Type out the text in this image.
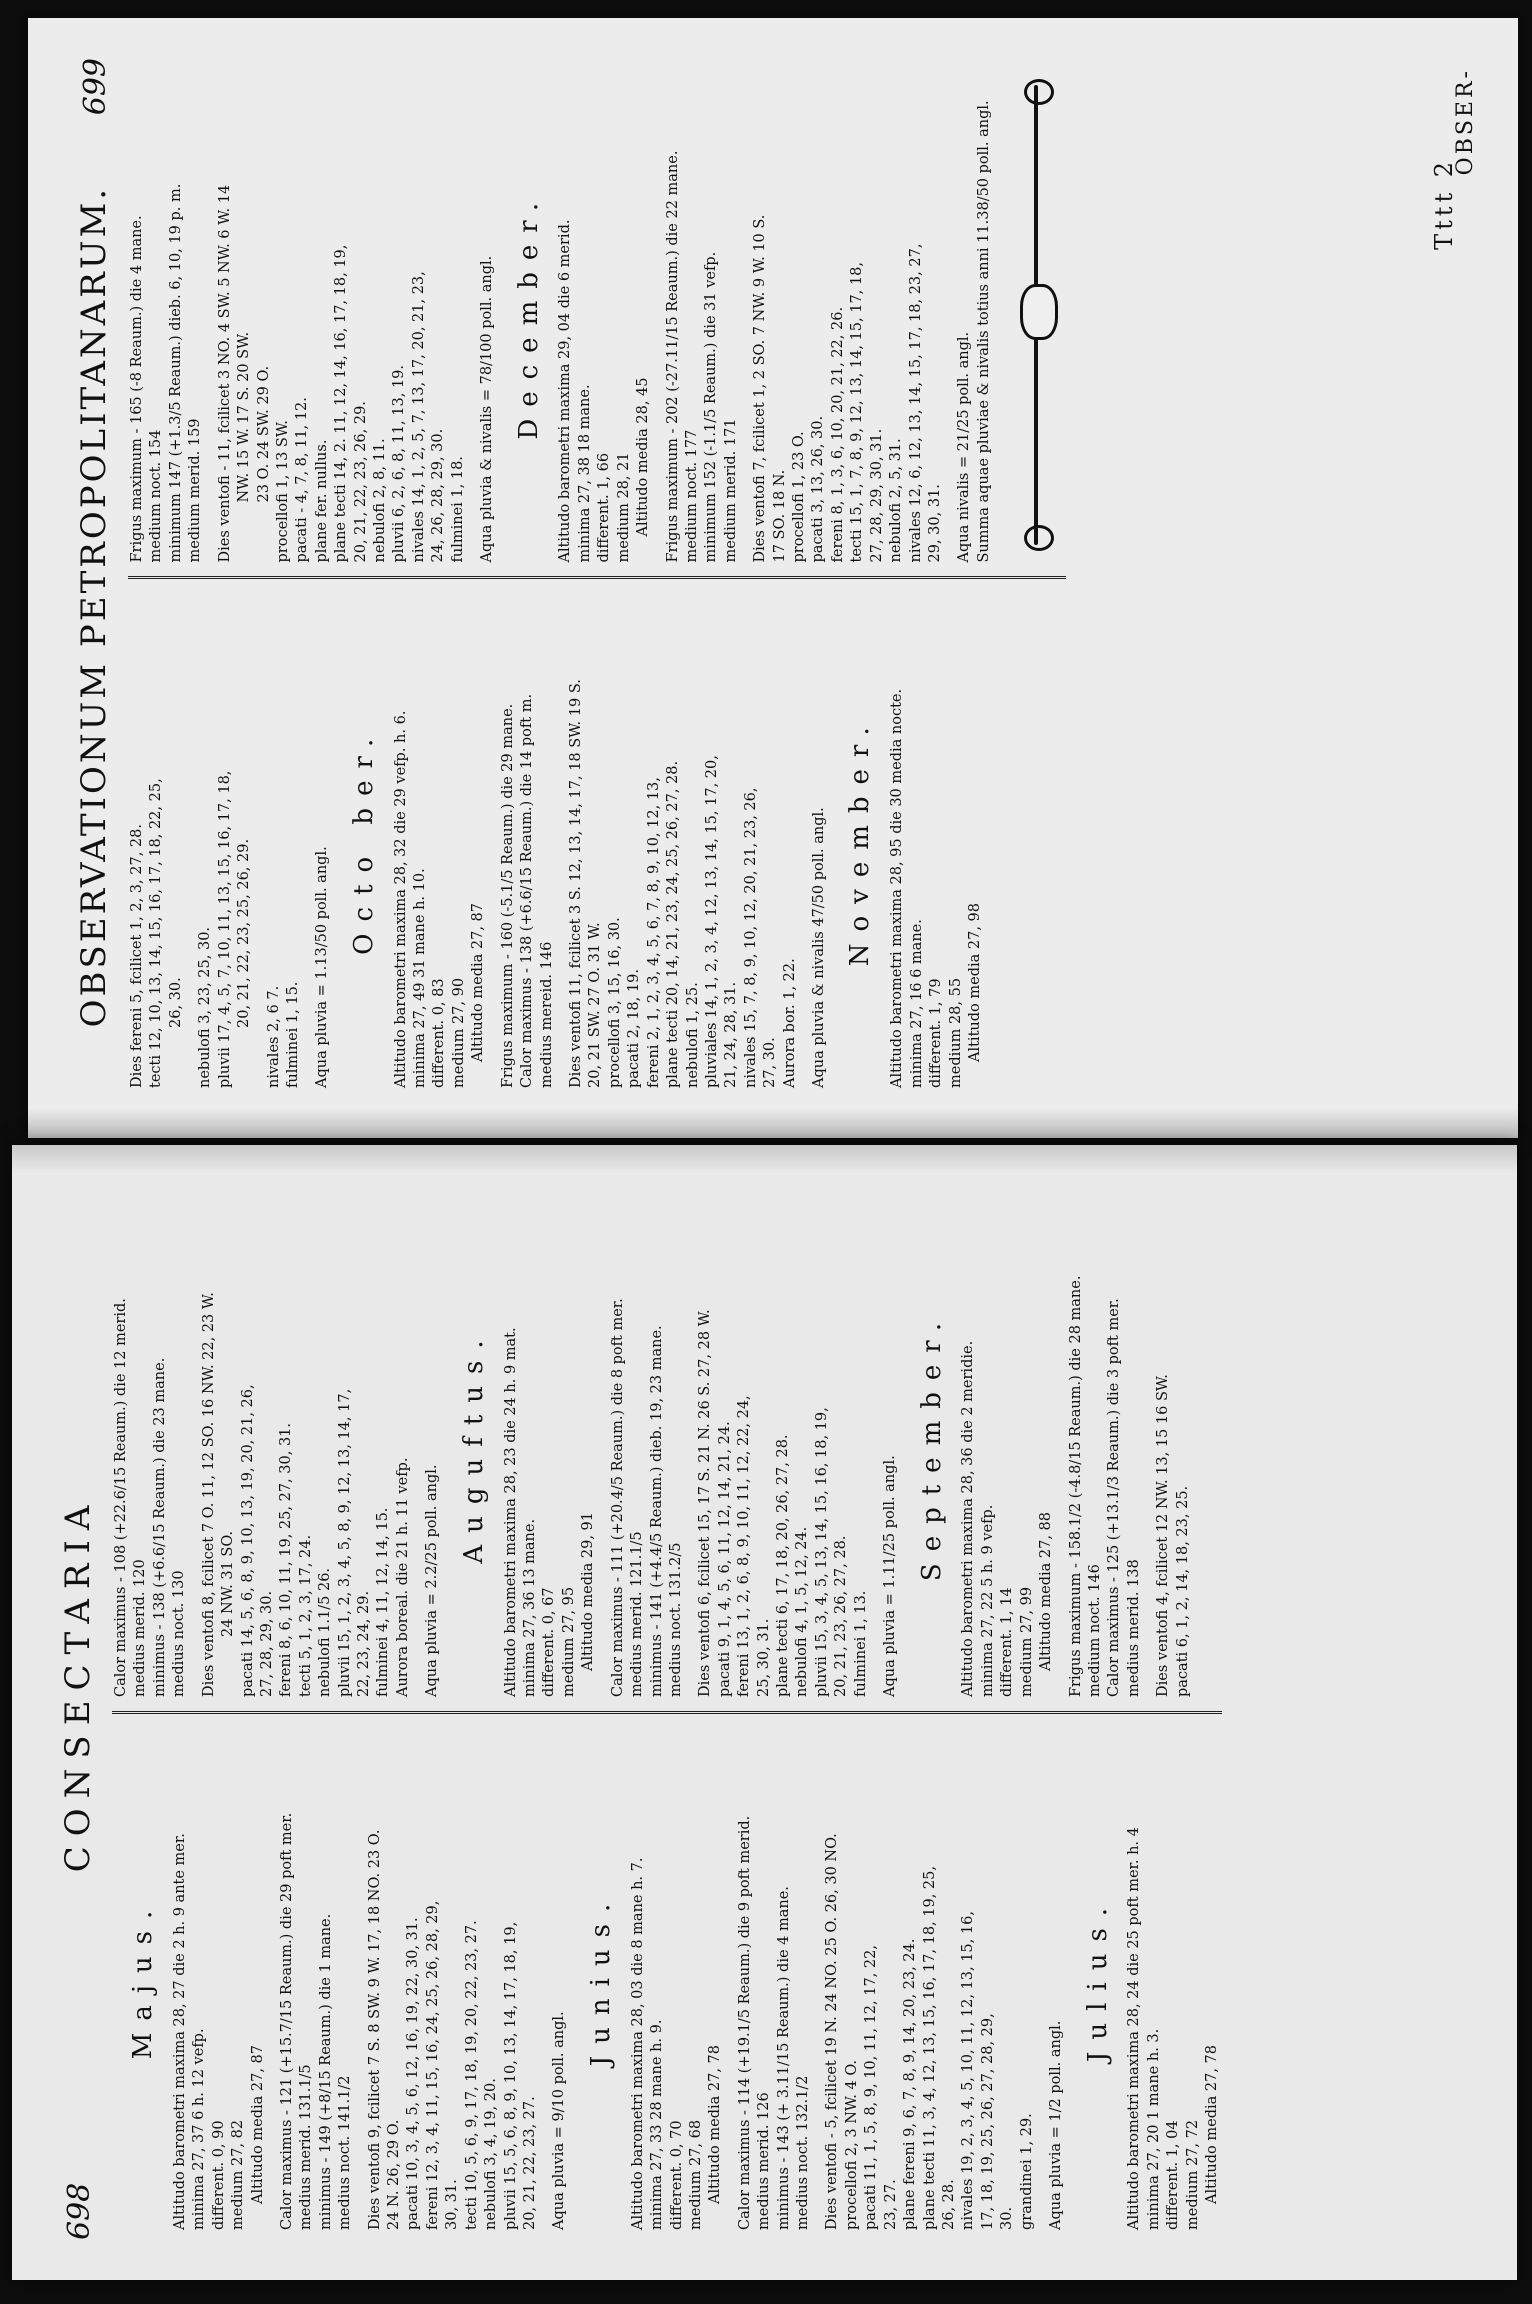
OBSERVATIONUM PETROPOLITANARUM.
699
Dies fereni 5, fcilicet 1, 2, 3, 27, 28. tecti 12, 10, 13, 14, 15, 16, 17, 18, 22, 25, 26, 30. nebulofi 3, 23, 25, 30. pluvii 17, 4, 5, 7, 10, 11, 13, 15, 16, 17, 18, 20, 21, 22, 23, 25, 26, 29.
nivales 2, 6 7. fulminei 1, 15. Aqua pluvia = 1.13/50 poll. angl.
Octo ber. Altitudo barometri maxima 28, 32 die 29 vefp. h. 6. minima 27, 49 31 mane h. 10. different. 0, 83 medium 27, 90 Altitudo media 27, 87 Frigus maximum - 160 (-5.1/5 Reaum.) die 29 mane. Calor maximus - 138 (+6.6/15 Reaum.) die 14 poft m. medius mereid. 146 Dies ventofi 11, fcilicet 3 S. 12, 13, 14, 17, 18 SW. 19 S. 20, 21 SW. 27 O. 31 W. procellofi 3, 15, 16, 30. pacati 2, 18, 19. fereni 2, 1, 2, 3, 4, 5, 6, 7, 8, 9, 10, 12, 13, plane tecti 20, 14, 21, 23, 24, 25, 26, 27, 28. nebulofi 1, 25. pluviales 14, 1, 2, 3, 4, 12, 13, 14, 15, 17, 20, 21, 24, 28, 31. nivales 15, 7, 8, 9, 10, 12, 20, 21, 23, 26, 27, 30. Aurora bor. 1, 22. Aqua pluvia & nivalis 47/50 poll. angl. November. Altitudo barometri maxima 28, 95 die 30 media nocte. minima 27, 16 6 mane. different. 1, 79 medium 28, 55 Altitudo media 27, 98
Frigus maximum - 165 (-8 Reaum.) die 4 mane. medium noct. 154 minimum 147 (+1.3/5 Reaum.) dieb. 6, 10, 19 p. m. medium merid. 159 Dies ventofi - 11, fcilicet 3 NO. 4 SW. 5 NW. 6 W. 14 NW. 15 W. 17 S. 20 SW. 23 O. 24 SW. 29 O. procellofi 1, 13 SW. pacati - 4, 7, 8, 11, 12. plane fer. nullus. plane tecti 14, 2. 11, 12, 14, 16, 17, 18, 19, 20, 21, 22, 23, 26, 29. nebulofi 2, 8, 11. pluvii 6, 2, 6, 8, 11, 13, 19. nivales 14, 1, 2, 5, 7, 13, 17, 20, 21, 23, 24, 26, 28, 29, 30. fulminei 1, 18. Aqua pluvia & nivalis = 78/100 poll. angl. December. Altitudo barometri maxima 29, 04 die 6 merid. minima 27, 38 18 mane. different. 1, 66 medium 28, 21 Altitudo media 28, 45 Frigus maximum - 202 (-27.11/15 Reaum.) die 22 mane. medium noct. 177 minimum 152 (-1.1/5 Reaum.) die 31 vefp. medium merid. 171 Dies ventofi 7, fcilicet 1, 2 SO. 7 NW. 9 W. 10 S. 17 SO. 18 N. procellofi 1, 23 O. pacati 3, 13, 26, 30. fereni 8, 1, 3, 6, 10, 20, 21, 22, 26. tecti 15, 1, 7, 8, 9, 12, 13, 14, 15, 17, 18, 27, 28, 29, 30, 31. nebulofi 2, 5, 31. nivales 12, 6, 12, 13, 14, 15, 17, 18, 23, 27, 29, 30, 31. Aqua nivalis = 21/25 poll. angl. Summa aquae pluviae & nivalis totius anni 11.38/50 poll. angl.	Tttt 2
OBSER-
698
CONSECTARIA
Majus. Altitudo barometri maxima 28, 27 die 2 h. 9 ante mer. minima 27, 37 6 h. 12 vefp. different. 0, 90 medium 27, 82 Altitudo media 27, 87 Calor maximus - 121 (+15.7/15 Reaum.) die 29 poft mer. medius merid. 131.1/5 minimus - 149 (+8/15 Reaum.) die 1 mane. medius noct. 141.1/2 Dies ventofi 9, fcilicet 7 S. 8 SW. 9 W. 17, 18 NO. 23 O. 24 N. 26, 29 O. pacati 10, 3, 4, 5, 6, 12, 16, 19, 22, 30, 31. fereni 12, 3, 4, 11, 15, 16, 24, 25, 26, 28, 29, 30, 31. tecti 10, 5, 6, 9, 17, 18, 19, 20, 22, 23, 27. nebulofi 3, 4, 19, 20. pluvii 15, 5, 6, 8, 9, 10, 13, 14, 17, 18, 19, 20, 21, 22, 23, 27. Aqua pluvia = 9/10 poll. angl.
Junius. Altitudo barometri maxima 28, 03 die 8 mane h. 7. minima 27, 33 28 mane h. 9. different. 0, 70 medium 27, 68 Altitudo media 27, 78 Calor maximus - 114 (+19.1/5 Reaum.) die 9 poft merid. medius merid. 126 minimus - 143 (+ 3.11/15 Reaum.) die 4 mane. medius noct. 132.1/2 Dies ventofi - 5, fcilicet 19 N. 24 NO. 25 O. 26, 30 NO. procellofi 2, 3 NW. 4 O. pacati 11, 1, 5, 8, 9, 10, 11, 12, 17, 22, 23, 27. plane fereni 9, 6, 7, 8, 9, 14, 20, 23, 24. plane tecti 11, 3, 4, 12, 13, 15, 16, 17, 18, 19, 25, 26, 28. nivales 19, 2, 3, 4, 5, 10, 11, 12, 13, 15, 16, 17, 18, 19, 25, 26, 27, 28, 29, 30. grandinei 1, 29. Aqua pluvia = 1/2 poll. angl.
Julius. Altitudo barometri maxima 28, 24 die 25 poft mer. h. 4 minima 27, 20 1 mane h. 3. different. 1, 04 medium 27, 72 Altitudo media 27, 78
Calor maximus - 108 (+22.6/15 Reaum.) die 12 merid. medius merid. 120 minimus - 138 (+6.6/15 Reaum.) die 23 mane. medius noct. 130 Dies ventofi 8, fcilicet 7 O. 11, 12 SO. 16 NW. 22, 23 W. 24 NW. 31 SO. pacati 14, 5, 6, 8, 9, 10, 13, 19, 20, 21, 26, 27, 28, 29, 30. fereni 8, 6, 10, 11, 19, 25, 27, 30, 31. tecti 5, 1, 2, 3, 17, 24. nebulofi 1.1/5 26. pluvii 15, 1, 2, 3, 4, 5, 8, 9, 12, 13, 14, 17, 22, 23, 24, 29. fulminei 4, 11, 12, 14, 15. Aurora boreal. die 21 h. 11 vefp. Aqua pluvia = 2.2/25 poll. angl.
Auguftus. Altitudo barometri maxima 28, 23 die 24 h. 9 mat. minima 27, 36 13 mane. different. 0, 67 medium 27, 95 Altitudo media 29, 91 Calor maximus - 111 (+20.4/5 Reaum.) die 8 poft mer. medius merid. 121.1/5 minimus - 141 (+4.4/5 Reaum.) dieb. 19, 23 mane. medius noct. 131.2/5 Dies ventofi 6, fcilicet 15, 17 S. 21 N. 26 S. 27, 28 W. pacati 9, 1, 4, 5, 6, 11, 12, 14, 21, 24. fereni 13, 1, 2, 6, 8, 9, 10, 11, 12, 22, 24, 25, 30, 31. plane tecti 6, 17, 18, 20, 26, 27, 28. nebulofi 4, 1, 5, 12, 24. pluvii 15, 3, 4, 5, 13, 14, 15, 16, 18, 19, 20, 21, 23, 26, 27, 28. fulminei 1, 13. Aqua pluvia = 1.11/25 poll. angl. September. Altitudo barometri maxima 28, 36 die 2 meridie. minima 27, 22 5 h. 9 vefp. different. 1, 14 medium 27, 99 Altitudo media 27, 88 Frigus maximum - 158.1/2 (-4.8/15 Reaum.) die 28 mane. medium noct. 146 Calor maximus - 125 (+13.1/3 Reaum.) die 3 poft mer. medius merid. 138 Dies ventofi 4, fcilicet 12 NW. 13, 15 16 SW. pacati 6, 1, 2, 14, 18, 23, 25.
